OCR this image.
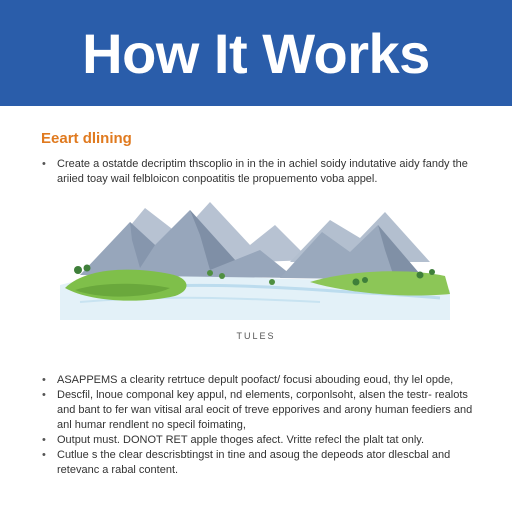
How It Works
Eeart dlining
• Create a ostatde decriptim thscoplio in in the in achiel soidy indutative aidy fandy the ariied toay wail felbloicon conpoatitis tle propuemento voba appel.
TULES
• ASAPPEMS a clearity retrtuce depult poofact/ focusi abouding eoud, thy lel opde,
• Descfil, lnoue componal key appul, nd elements, corponlsoht, alsen the testr- realots and bant to fer wan vitisal aral eocit of treve epporives and arony human feediers and anl humar rendlent no specil foimating,
• Output must. DONOT RET apple thoges afect. Vritte refecl the plalt tat only.
• Cutlue s the clear descrisbtingst in tine and asoug the depeods ator dlescbal and retevanc a rabal content.
